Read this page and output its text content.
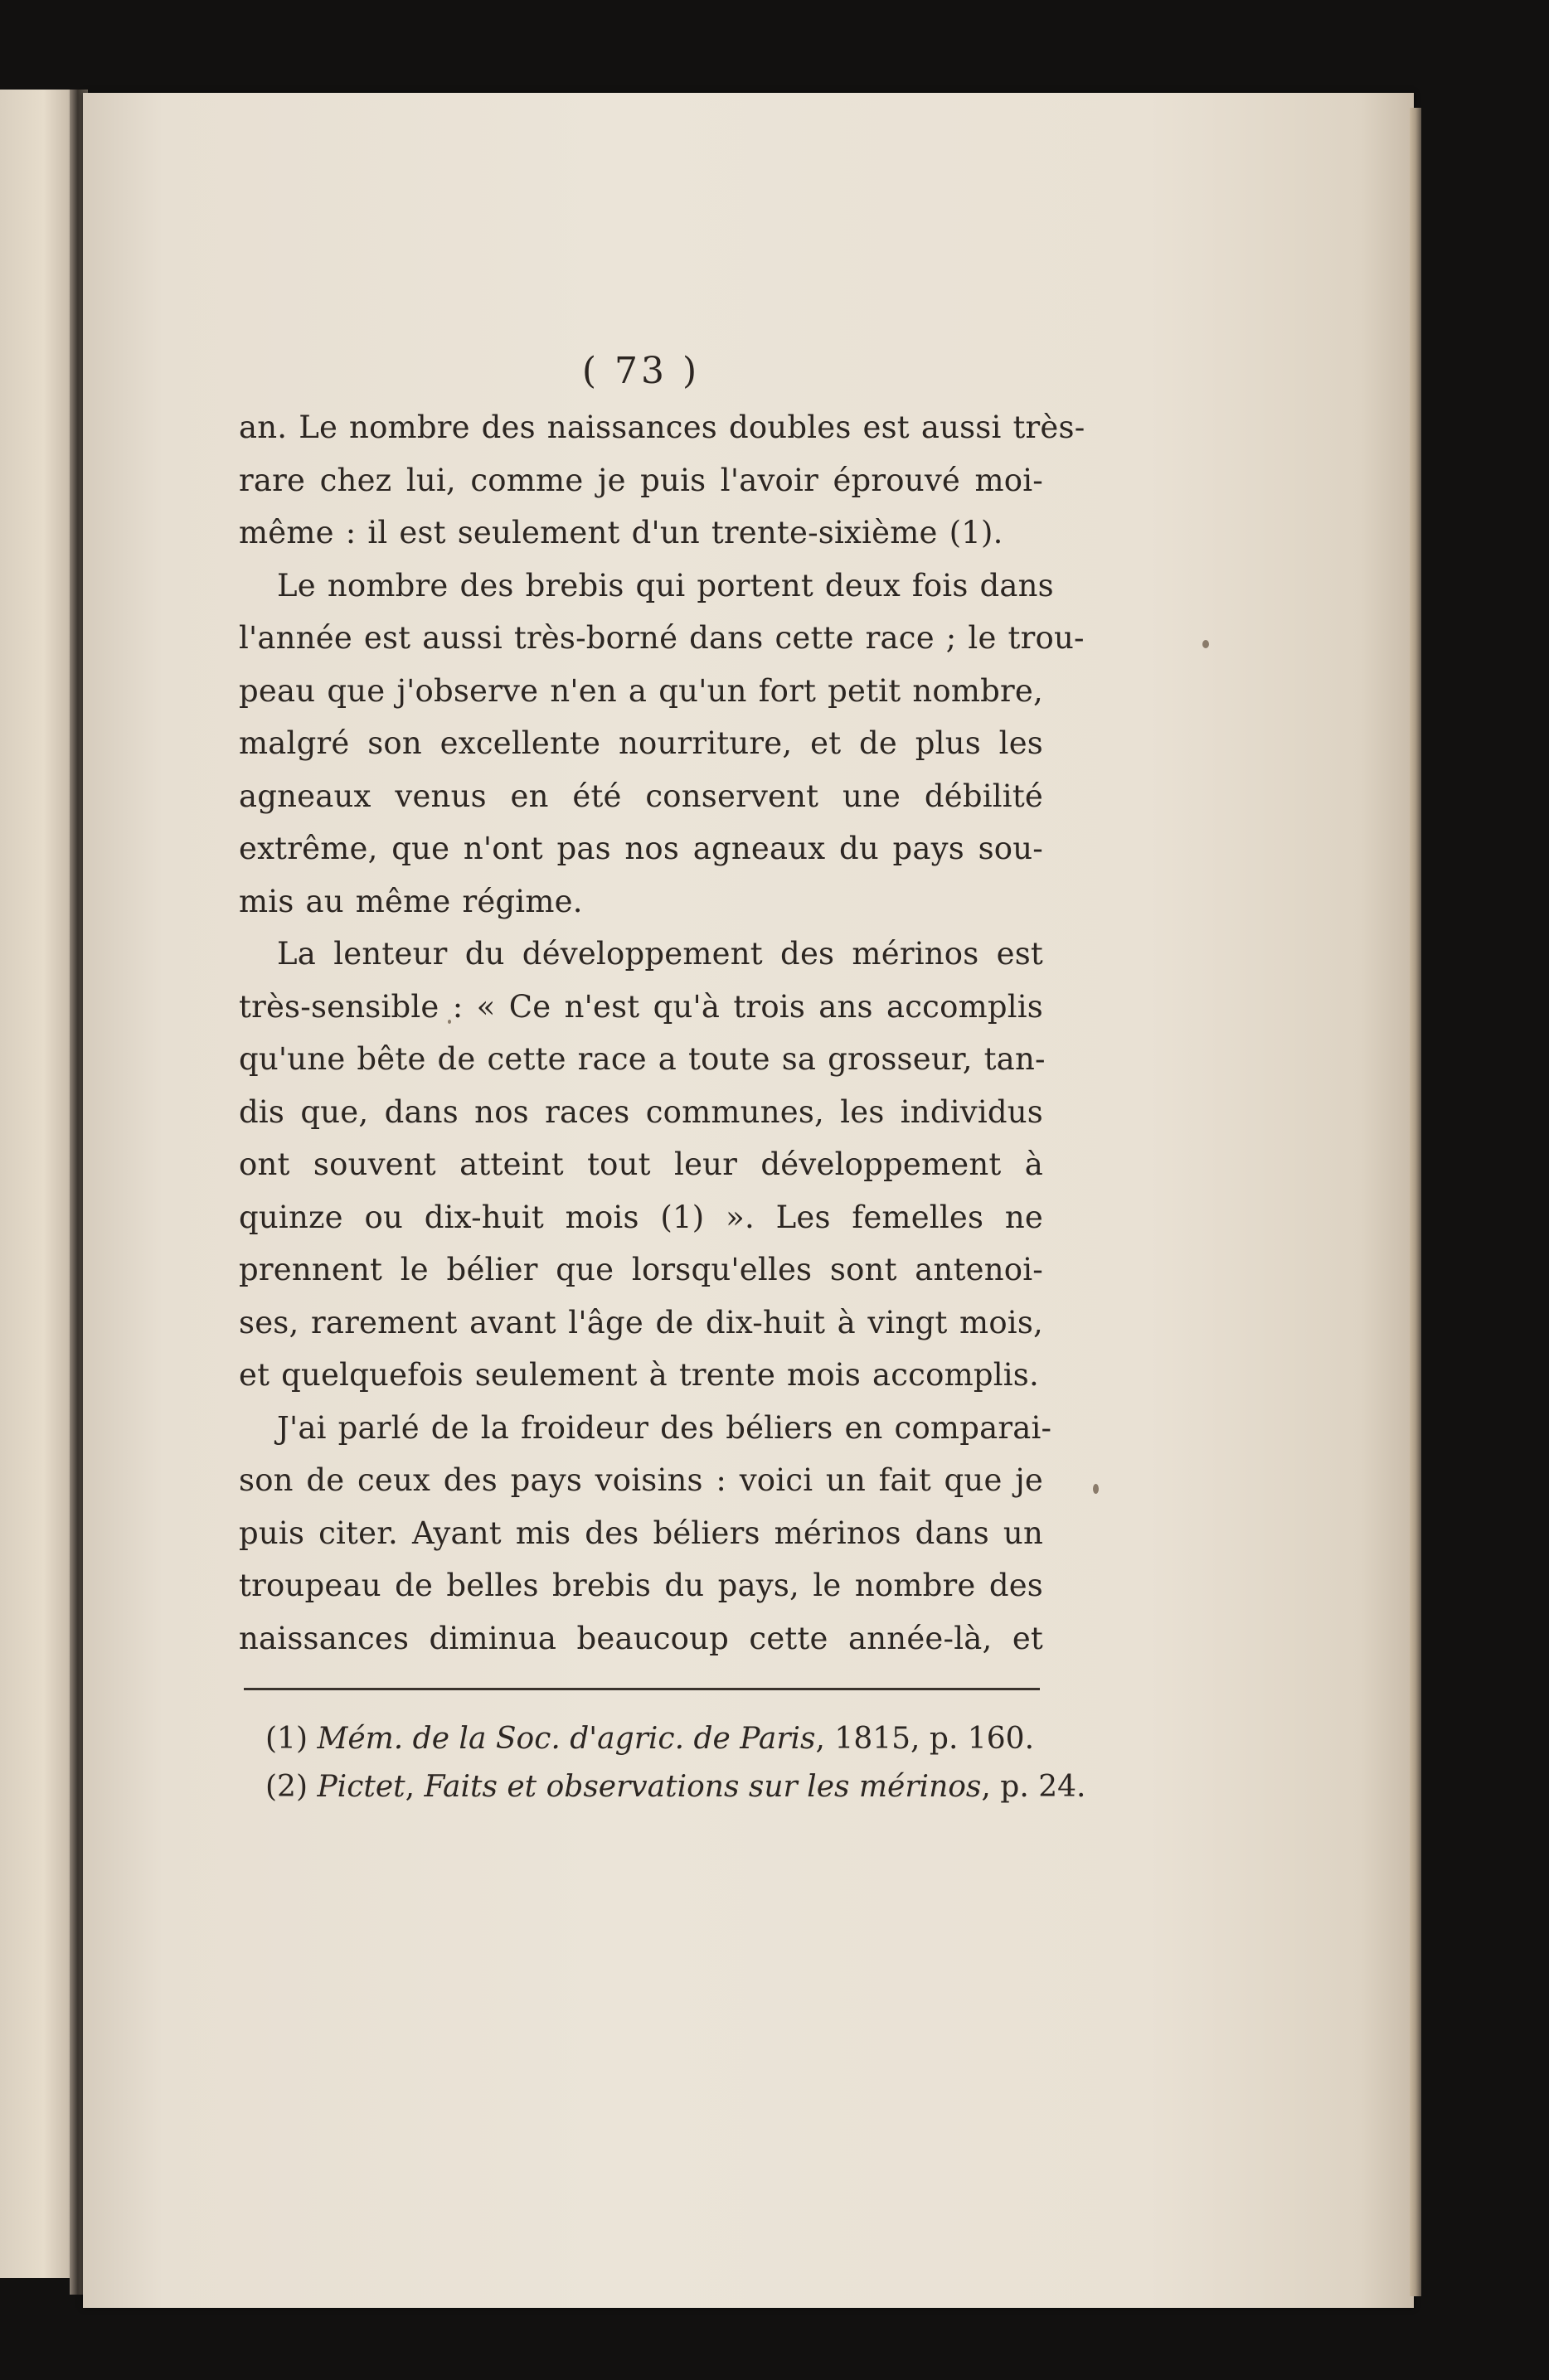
( 73 )
an. Le nombre des naissances doubles est aussi très-
rare chez lui, comme je puis l'avoir éprouvé moi-
même : il est seulement d'un trente-sixième (1).
Le nombre des brebis qui portent deux fois dans
l'année est aussi très-borné dans cette race ; le trou-
peau que j'observe n'en a qu'un fort petit nombre,
malgré son excellente nourriture, et de plus les
agneaux venus en été conservent une débilité
extrême, que n'ont pas nos agneaux du pays sou-
mis au même régime.
La lenteur du développement des mérinos est
très-sensible : « Ce n'est qu'à trois ans accomplis
qu'une bête de cette race a toute sa grosseur, tan-
dis que, dans nos races communes, les individus
ont souvent atteint tout leur développement à
quinze ou dix-huit mois (1) ». Les femelles ne
prennent le bélier que lorsqu'elles sont antenoi-
ses, rarement avant l'âge de dix-huit à vingt mois,
et quelquefois seulement à trente mois accomplis.
J'ai parlé de la froideur des béliers en comparai-
son de ceux des pays voisins : voici un fait que je
puis citer. Ayant mis des béliers mérinos dans un
troupeau de belles brebis du pays, le nombre des
naissances diminua beaucoup cette année-là, et
(1) Mém. de la Soc. d'agric. de Paris, 1815, p. 160.
(2) Pictet, Faits et observations sur les mérinos, p. 24.
